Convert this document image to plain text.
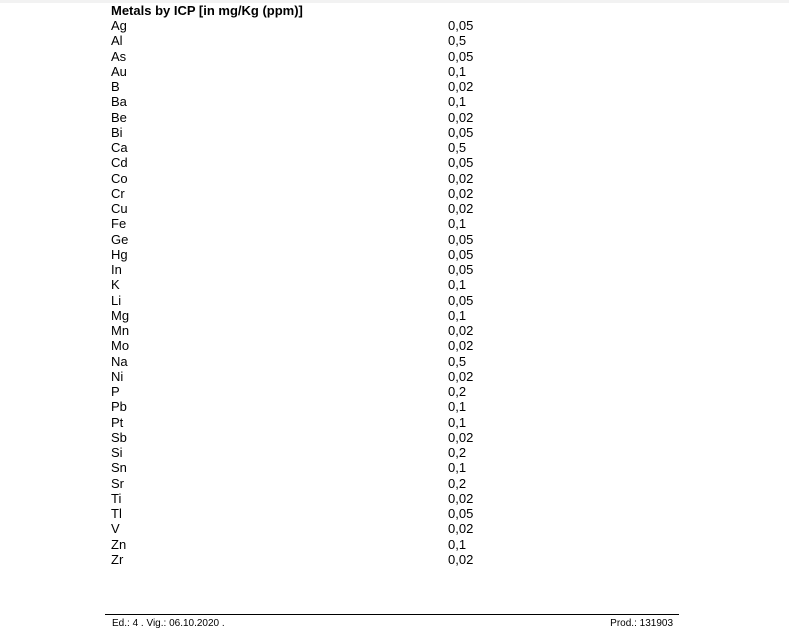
Metals by ICP [in mg/Kg (ppm)]
Ag	0,05
Al	0,5
As	0,05
Au	0,1
B	0,02
Ba	0,1
Be	0,02
Bi	0,05
Ca	0,5
Cd	0,05
Co	0,02
Cr	0,02
Cu	0,02
Fe	0,1
Ge	0,05
Hg	0,05
In	0,05
K	0,1
Li	0,05
Mg	0,1
Mn	0,02
Mo	0,02
Na	0,5
Ni	0,02
P	0,2
Pb	0,1
Pt	0,1
Sb	0,02
Si	0,2
Sn	0,1
Sr	0,2
Ti	0,02
Tl	0,05
V	0,02
Zn	0,1
Zr	0,02
Ed.: 4 . Vig.: 06.10.2020 .	Prod.: 131903
